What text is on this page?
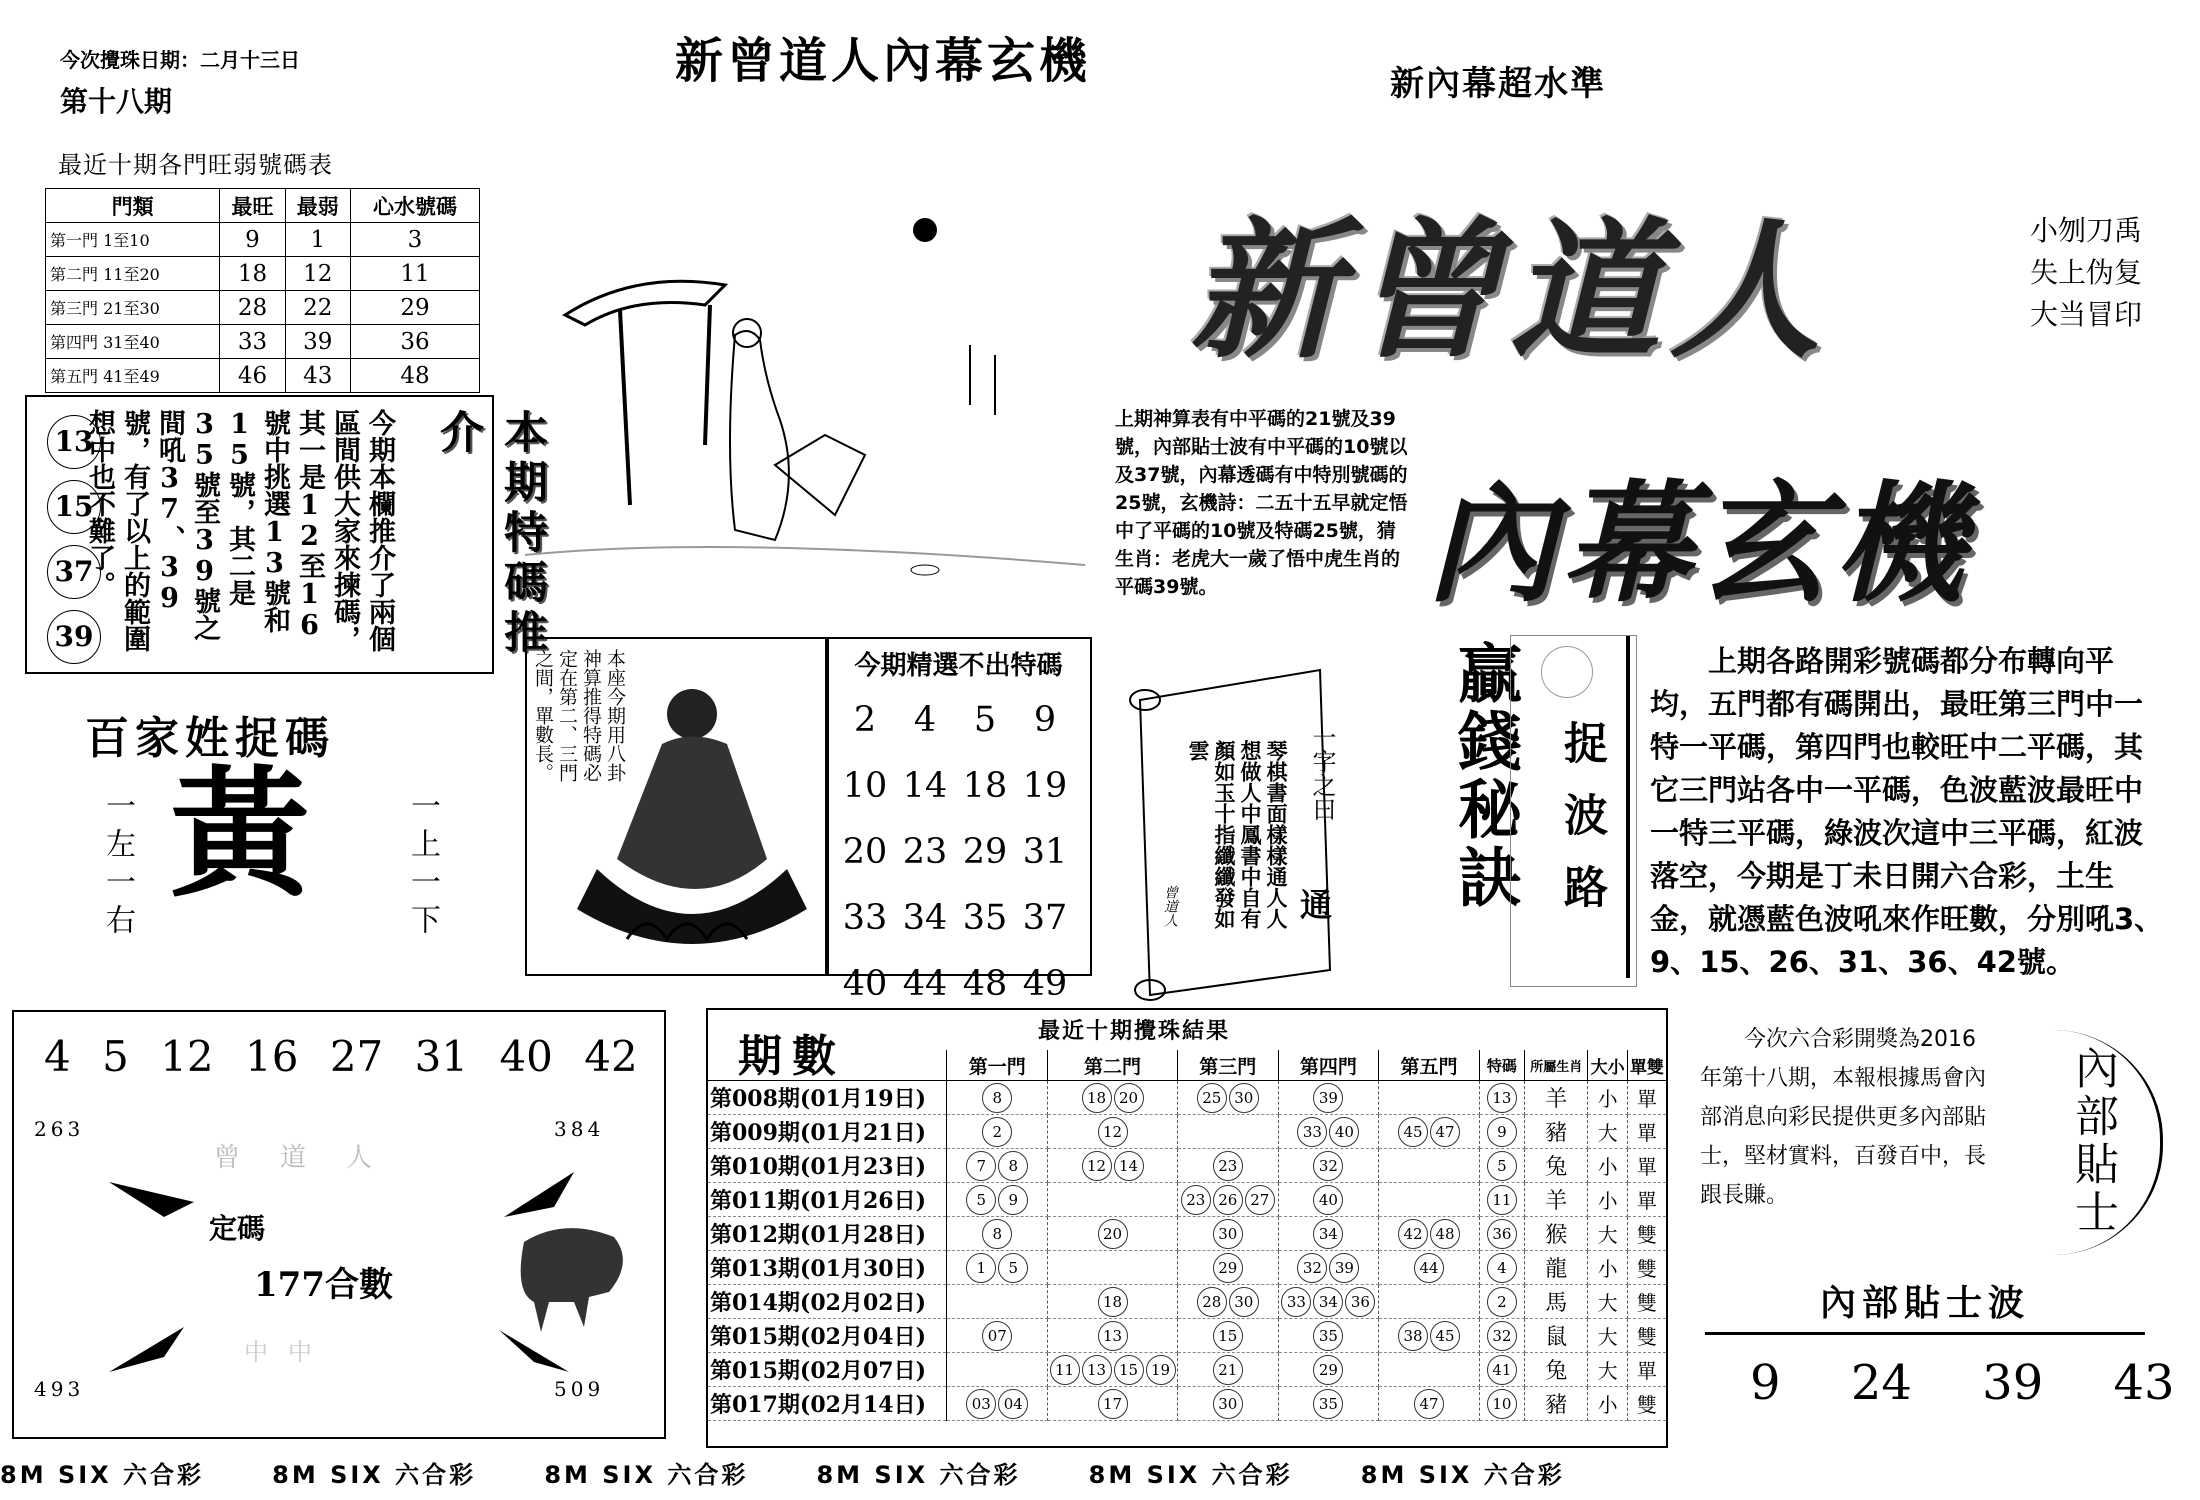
今次攪珠日期：二月十三日
第十八期
新曾道人內幕玄機	新內幕超水準
最近十期各門旺弱號碼表
門類	最旺	最弱	心水號碼
第一門 1至10	9	1	3
第二門 11至20	18	12	11
第三門 21至30	28	22	29
第四門 31至40	33	39	36
第五門 41至49	46	43	48
13 15 37 39	今期本欄推介了兩個區間供大家來揀碼，其一是12至16號中挑選13號和15號，其二是35號至39號之間吼37、39號，有了以上的範圍想中也不難了。	本期特碼推介
百家姓捉碼
黃
一左一右	一上一下
本座今期用八卦神算推得特碼必定在第二、三門之間，單數長。	今期精選不出特碼
2 4 5 9
10 14 18 19
20 23 29 31
33 34 35 37
40 44 48 49
新曾道人
內幕玄機
小刎刀禹
失上伪复
大当冒印
上期神算表有中平碼的21號及39號，內部貼士波有中平碼的10號以及37號，內幕透碼有中特別號碼的25號，玄機詩：二五十五早就定悟中了平碼的10號及特碼25號，猜生肖：老虎大一歲了悟中虎生肖的平碼39號。
琴棋書面樣樣通人人想做人中鳳書中自有顏如玉十指纖纖發如雲	一字之曰
通
曾道人	贏錢秘訣 捉波路
上期各路開彩號碼都分布轉向平均，五門都有碼開出，最旺第三門中一特一平碼，第四門也較旺中二平碼，其它三門站各中一平碼，色波藍波最旺中一特三平碼，綠波次這中三平碼，紅波落空，今期是丁未日開六合彩，土生金，就憑藍色波吼來作旺數，分別吼3、9、15、26、31、36、42號。
4 5 12 16 27 31 40 42
263	384
493	509
曾道人
定碼
177合數
中中
期數	最近十期攪珠結果
	第一門	第二門	第三門	第四門	第五門	特碼	所屬生肖	大小	單雙
第008期(01月19日)	8	18 20	25 30	39		13	羊	小	單
第009期(01月21日)	2	12		33 40	45 47	9	豬	大	單
第010期(01月23日)	7 8	12 14	23	32		5	兔	小	單
第011期(01月26日)	5 9		23 26 27	40		11	羊	小	單
第012期(01月28日)	8	20	30	34	42 48	36	猴	大	雙
第013期(01月30日)	1 5		29	32 39	44	4	龍	小	雙
第014期(02月02日)		18	28 30	33 34 36		2	馬	大	雙
第015期(02月04日)	07	13	15	35	38 45	32	鼠	大	雙
第015期(02月07日)		11 13 15 19	21	29		41	兔	大	單
第017期(02月14日)	03 04	17	30	35	47	10	豬	小	雙
今次六合彩開獎為2016年第十八期，本報根據馬會內部消息向彩民提供更多內部貼士，堅材實料，百發百中，長跟長賺。	內部貼士
內部貼士波
9 24 39 43
8M SIX 六合彩	8M SIX 六合彩	8M SIX 六合彩	8M SIX 六合彩	8M SIX 六合彩	8M SIX 六合彩
